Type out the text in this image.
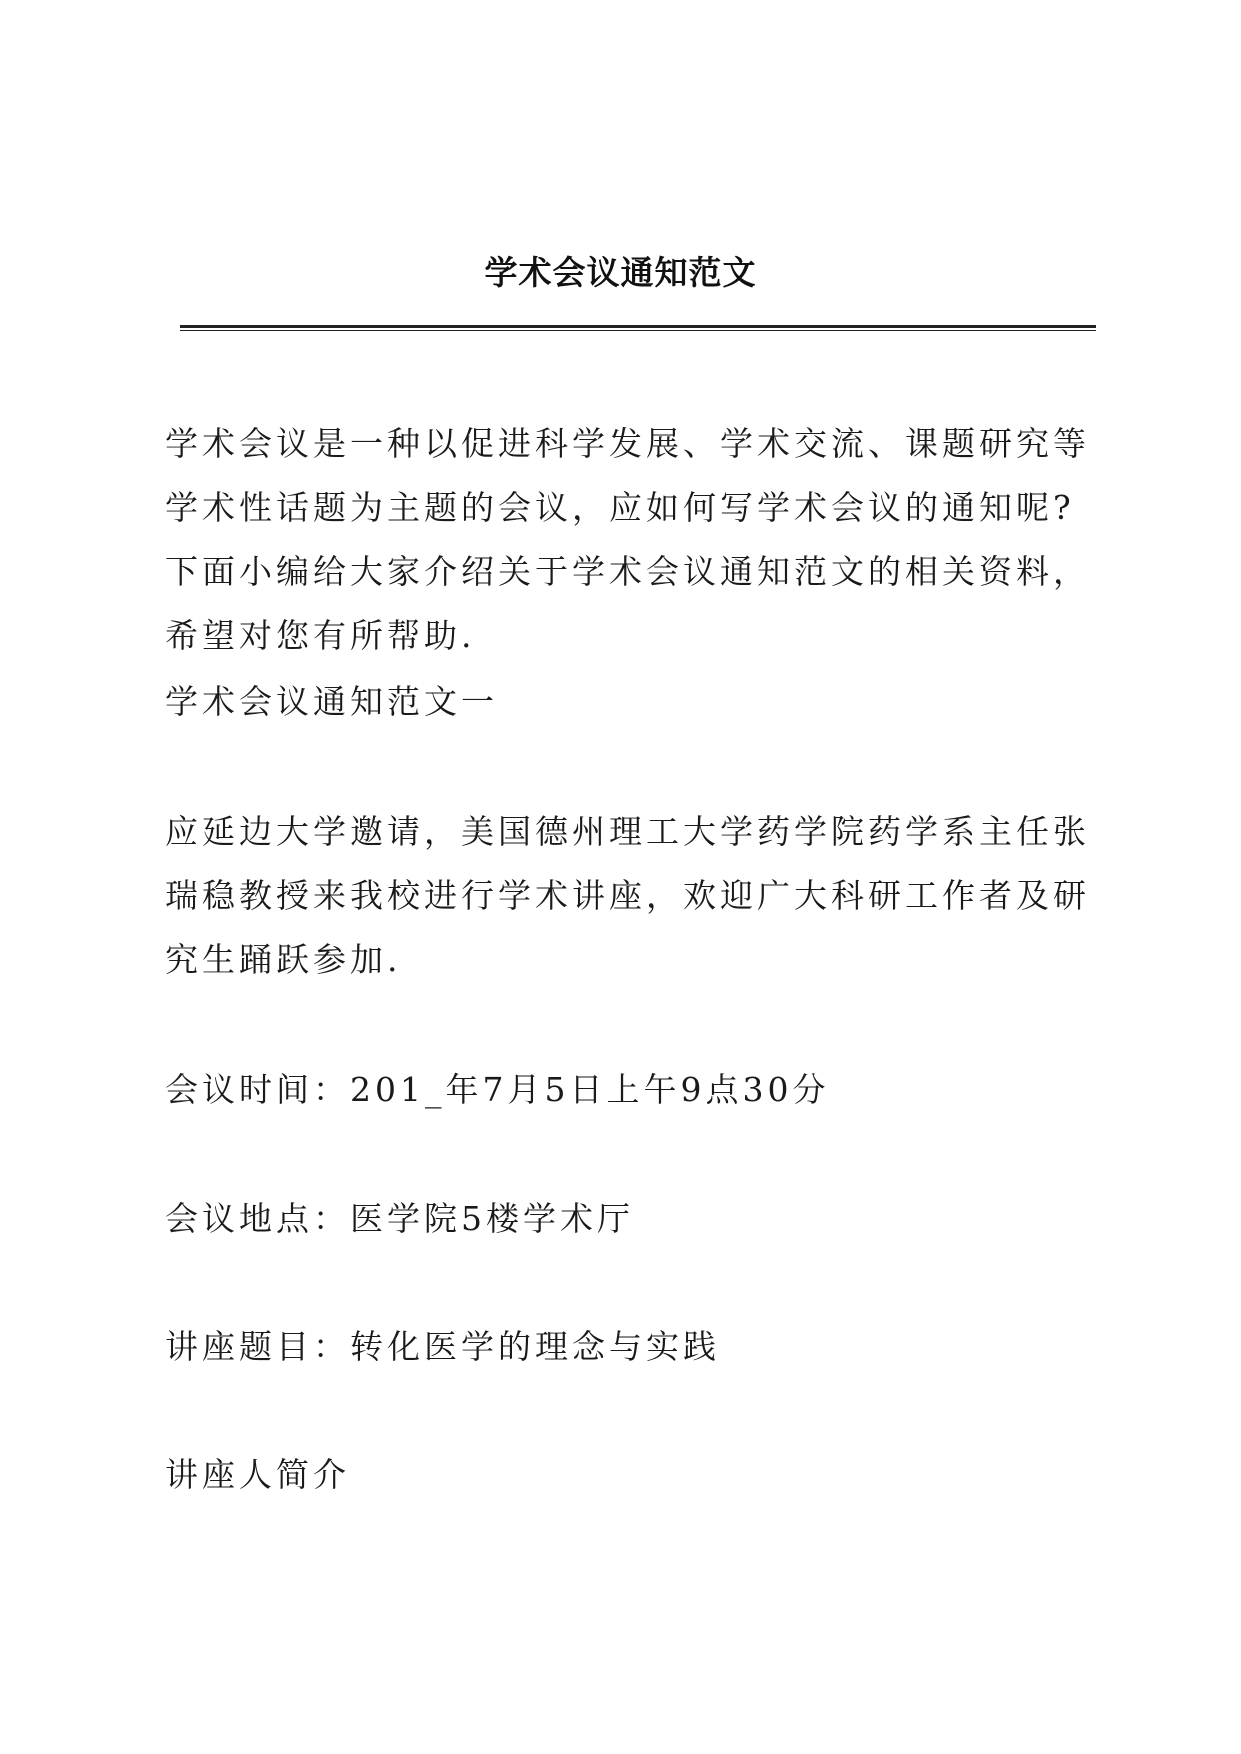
学术会议通知范文

学术会议是一种以促进科学发展、学术交流、课题研究等学术性话题为主题的会议，应如何写学术会议的通知呢?下面小编给大家介绍关于学术会议通知范文的相关资料，希望对您有所帮助.

学术会议通知范文一

应延边大学邀请，美国德州理工大学药学院药学系主任张瑞稳教授来我校进行学术讲座，欢迎广大科研工作者及研究生踊跃参加.

会议时间：201_年7月5日上午9点30分

会议地点：医学院5楼学术厅

讲座题目：转化医学的理念与实践

讲座人简介
